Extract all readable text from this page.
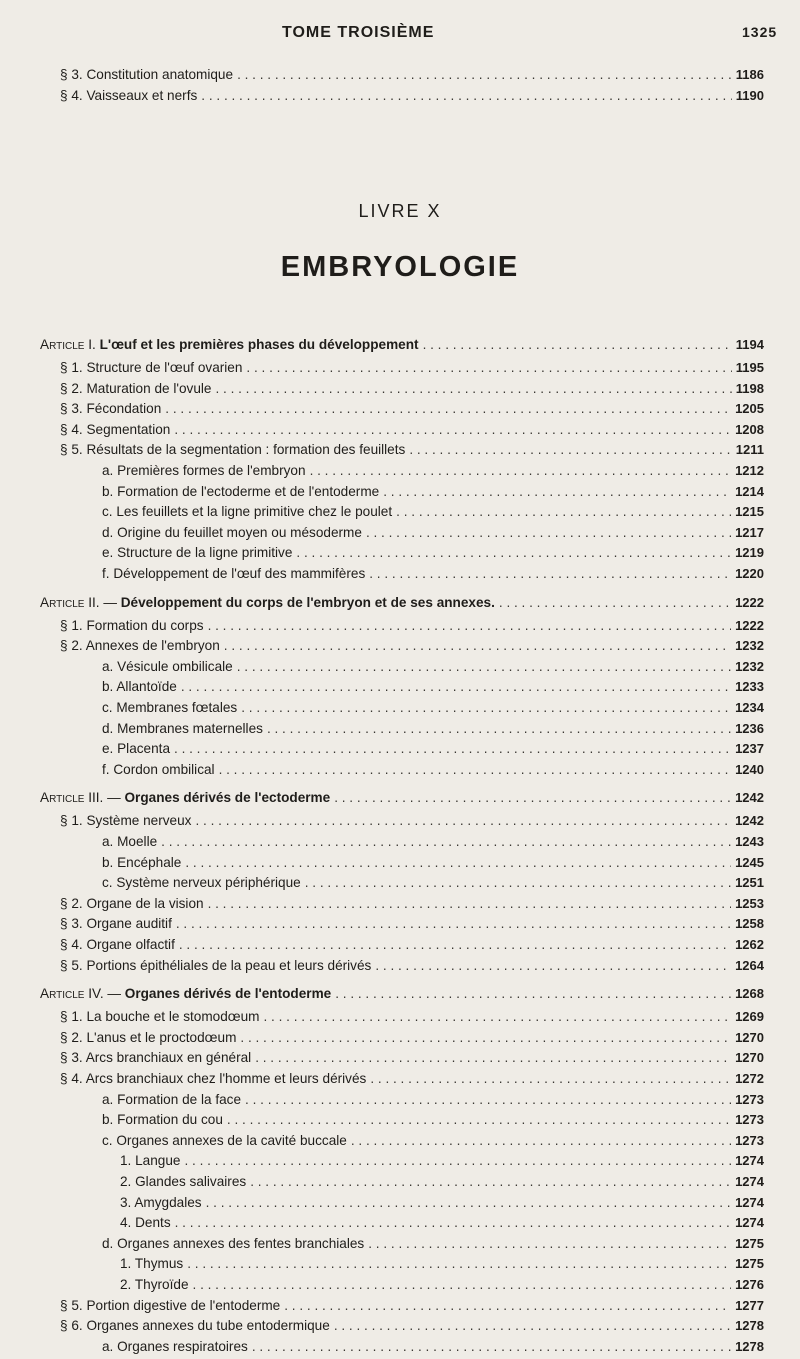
TOME TROISIÈME	1325
§ 3. Constitution anatomique . . .	1186
§ 4. Vaisseaux et nerfs . . .	1190
LIVRE X
EMBRYOLOGIE
Article I. L'œuf et les premières phases du développement . . .	1194
§ 1. Structure de l'œuf ovarien . . .	1195
§ 2. Maturation de l'ovule . . .	1198
§ 3. Fécondation . . .	1205
§ 4. Segmentation . . .	1208
§ 5. Résultats de la segmentation : formation des feuillets . . .	1211
a. Premières formes de l'embryon . . .	1212
b. Formation de l'ectoderme et de l'entoderme . . .	1214
c. Les feuillets et la ligne primitive chez le poulet . . .	1215
d. Origine du feuillet moyen ou mésoderme . . .	1217
e. Structure de la ligne primitive . . .	1219
f. Développement de l'œuf des mammifères . . .	1220
Article II. — Développement du corps de l'embryon et de ses annexes. . . .	1222
§ 1. Formation du corps . . .	1222
§ 2. Annexes de l'embryon . . .	1232
a. Vésicule ombilicale . . .	1232
b. Allantoïde . . .	1233
c. Membranes fœtales . . .	1234
d. Membranes maternelles . . .	1236
e. Placenta . . .	1237
f. Cordon ombilical . . .	1240
Article III. — Organes dérivés de l'ectoderme . . .	1242
§ 1. Système nerveux . . .	1242
a. Moelle . . .	1243
b. Encéphale . . .	1245
c. Système nerveux périphérique . . .	1251
§ 2. Organe de la vision . . .	1253
§ 3. Organe auditif . . .	1258
§ 4. Organe olfactif . . .	1262
§ 5. Portions épithéliales de la peau et leurs dérivés . . .	1264
Article IV. — Organes dérivés de l'entoderme . . .	1268
§ 1. La bouche et le stomodœum . . .	1269
§ 2. L'anus et le proctodœum . . .	1270
§ 3. Arcs branchiaux en général . . .	1270
§ 4. Arcs branchiaux chez l'homme et leurs dérivés . . .	1272
a. Formation de la face . . .	1273
b. Formation du cou . . .	1273
c. Organes annexes de la cavité buccale . . .	1273
1. Langue . . .	1274
2. Glandes salivaires . . .	1274
3. Amygdales . . .	1274
4. Dents . . .	1274
d. Organes annexes des fentes branchiales . . .	1275
1. Thymus . . .	1275
2. Thyroïde . . .	1276
§ 5. Portion digestive de l'entoderme . . .	1277
§ 6. Organes annexes du tube entodermique . . .	1278
a. Organes respiratoires . . .	1278
